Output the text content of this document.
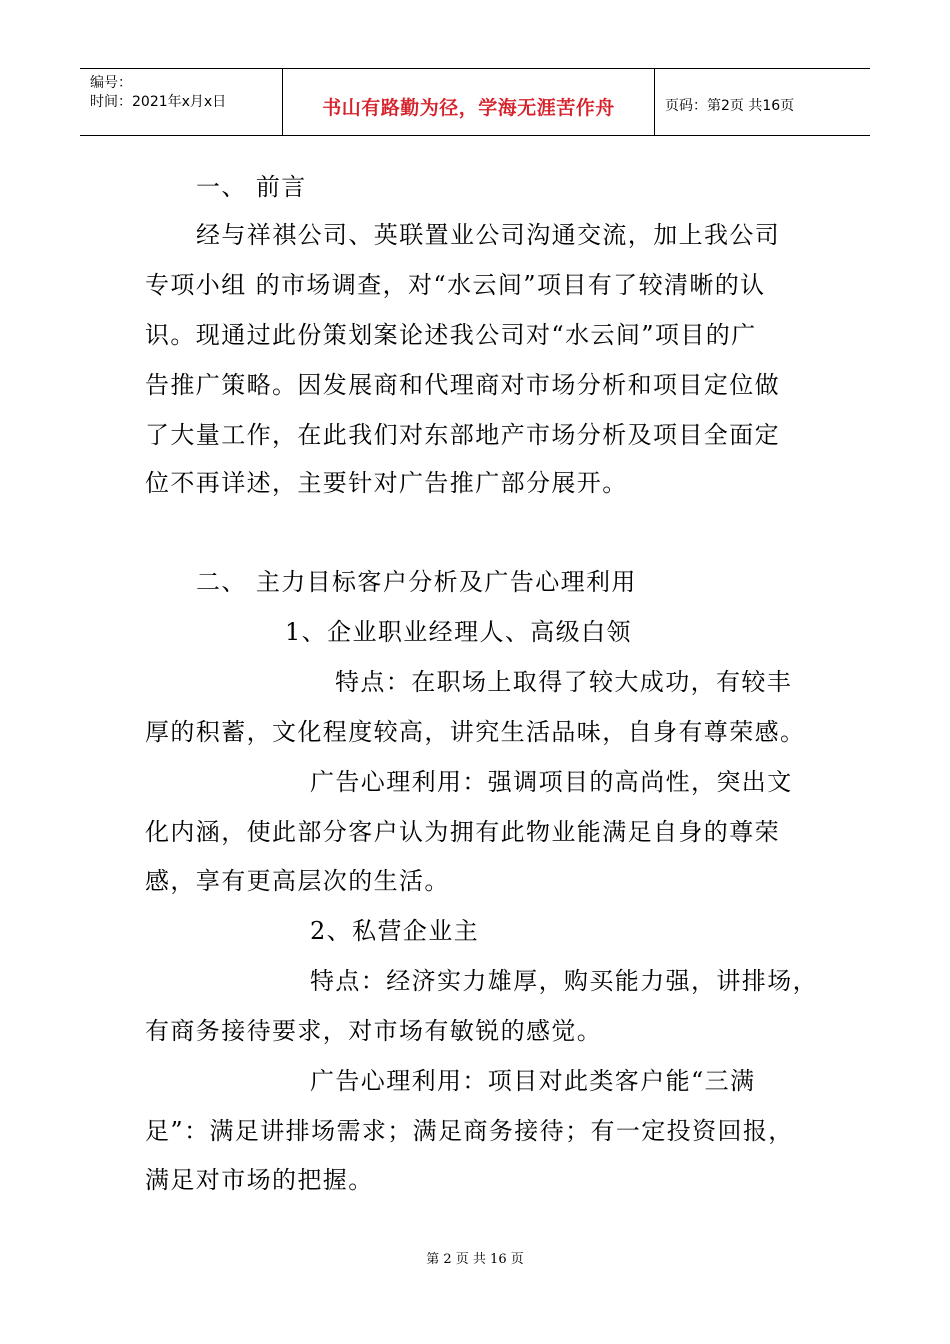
编号：
时间：2021年x月x日	书山有路勤为径，学海无涯苦作舟	页码：第2页 共16页
一、 前言
经与祥祺公司、英联置业公司沟通交流，加上我公司
专项小组 的市场调查，对“水云间”项目有了较清晰的认
识。现通过此份策划案论述我公司对“水云间”项目的广
告推广策略。因发展商和代理商对市场分析和项目定位做
了大量工作，在此我们对东部地产市场分析及项目全面定
位不再详述，主要针对广告推广部分展开。
二、 主力目标客户分析及广告心理利用
1、企业职业经理人、高级白领
特点：在职场上取得了较大成功，有较丰
厚的积蓄，文化程度较高，讲究生活品味，自身有尊荣感。
广告心理利用：强调项目的高尚性，突出文
化内涵，使此部分客户认为拥有此物业能满足自身的尊荣
感，享有更高层次的生活。
2、私营企业主
特点：经济实力雄厚，购买能力强，讲排场，
有商务接待要求，对市场有敏锐的感觉。
广告心理利用：项目对此类客户能“三满
足”：满足讲排场需求；满足商务接待；有一定投资回报，
满足对市场的把握。
第 2 页 共 16 页
